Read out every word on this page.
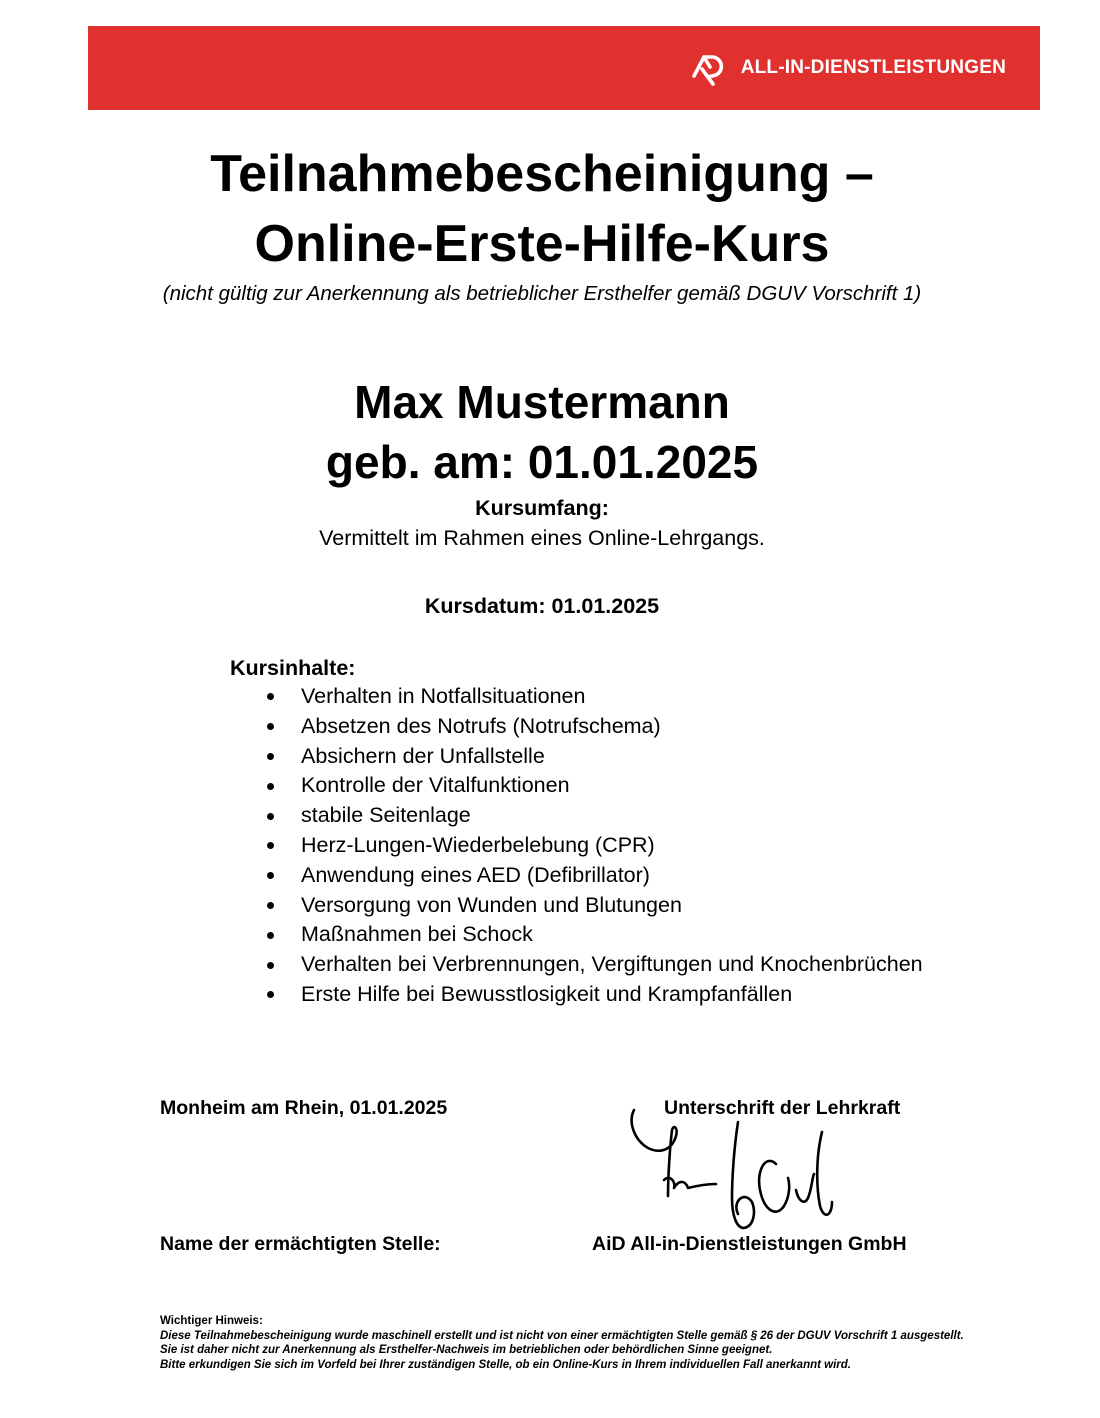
ALL-IN-DIENSTLEISTUNGEN
Teilnahmebescheinigung –
Online-Erste-Hilfe-Kurs
(nicht gültig zur Anerkennung als betrieblicher Ersthelfer gemäß DGUV Vorschrift 1)
Max Mustermann
geb. am: 01.01.2025
Kursumfang:
Vermittelt im Rahmen eines Online-Lehrgangs.
Kursdatum: 01.01.2025
Kursinhalte:
Verhalten in Notfallsituationen
Absetzen des Notrufs (Notrufschema)
Absichern der Unfallstelle
Kontrolle der Vitalfunktionen
stabile Seitenlage
Herz-Lungen-Wiederbelebung (CPR)
Anwendung eines AED (Defibrillator)
Versorgung von Wunden und Blutungen
Maßnahmen bei Schock
Verhalten bei Verbrennungen, Vergiftungen und Knochenbrüchen
Erste Hilfe bei Bewusstlosigkeit und Krampfanfällen
Monheim am Rhein, 01.01.2025	Unterschrift der Lehrkraft
Name der ermächtigten Stelle:	AiD All-in-Dienstleistungen GmbH

Wichtiger Hinweis:

Diese Teilnahmebescheinigung wurde maschinell erstellt und ist nicht von einer ermächtigten Stelle gemäß § 26 der DGUV Vorschrift 1 ausgestellt.

Sie ist daher nicht zur Anerkennung als Ersthelfer-Nachweis im betrieblichen oder behördlichen Sinne geeignet.

Bitte erkundigen Sie sich im Vorfeld bei Ihrer zuständigen Stelle, ob ein Online-Kurs in Ihrem individuellen Fall anerkannt wird.
